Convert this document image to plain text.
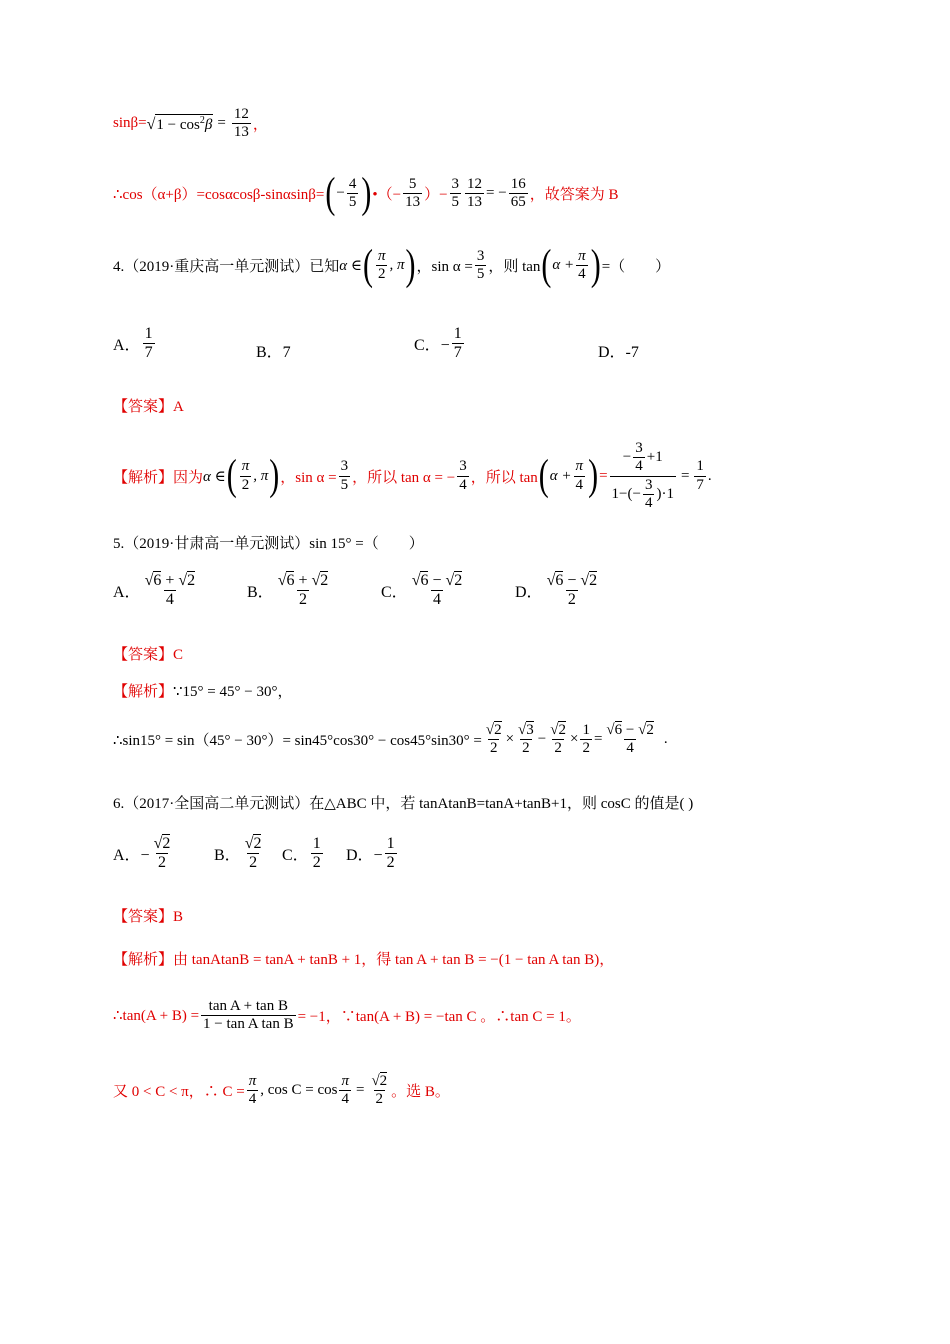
sinβ= √ $1 - \cos^2\beta = \frac{12}{13}$ ，
∴cos（α+β）=cosαcosβ-sinαsinβ= ( − $\frac{4}{5}$ ) •（− $\frac{5}{13}$ ）− $\frac{3}{5} \frac{12}{13}$ = − $\frac{16}{65}$ ，故答案为 B
4.（2019·重庆高一单元测试）已知 α ∈ ( $\frac{\pi}{2}$ , π ) ，$\sin \alpha = \frac{3}{5}$ ，则 tan ( $\alpha + \frac{\pi}{4}$ ) =（　　）
A． $\frac{1}{7}$	B．7	C．− $\frac{1}{7}$	D．-7
【答案】A
【解析】因为 α ∈ ( $\frac{\pi}{2}$ , π ) ，$\sin \alpha = \frac{3}{5}$ ，所以 tan α = − $\frac{3}{4}$ ，所以 tan ( $\alpha + \frac{\pi}{4}$ ) = $\frac{- \frac{3}{4} +1}{1-(- \frac{3}{4} )\cdot 1} = \frac{1}{7}$ .
5.（2019·甘肃高一单元测试）sin 15° =（　　）
A． $\frac{√6 + √2}{4}$	B． $\frac{√6 + √2}{2}$	C． $\frac{√6 - √2}{4}$	D． $\frac{√6 - √2}{2}$
【答案】C
【解析】 ∵15° = 45° − 30°，
∴sin15° = $\sin(45^\circ - 30^\circ)= \sin 45^\circ\cos 30^\circ - \cos 45^\circ\sin 30^\circ = \frac{√2}{2} \times \frac{√3}{2} - \frac{√2}{2} \times \frac{1}{2} = \frac{√6 - √2}{4}$ .
6.（2017·全国高二单元测试）在△ABC 中，若 tanAtanB=tanA+tanB+1，则 cosC 的值是( )
A．− $\frac{√2}{2}$	B． $\frac{√2}{2}$ C． $\frac{1}{2}$ D．− $\frac{1}{2}$
【答案】B
【解析】由 tanAtanB = tanA + tanB + 1，得 tan A + tan B = −(1 − tan A tan B)，
∴tan(A + $B) = \frac{\text{tan A + tan B}}{\text{1 − tan A tan B}} = -1$，∵tan(A + B) = −tan C 。∴tan C = 1。
又 0 < C < π，∴ $C = \frac{\pi}{4}$ , $\cos C = \cos \frac{\pi}{4} = \frac{√2}{2}$ 。选 B。
